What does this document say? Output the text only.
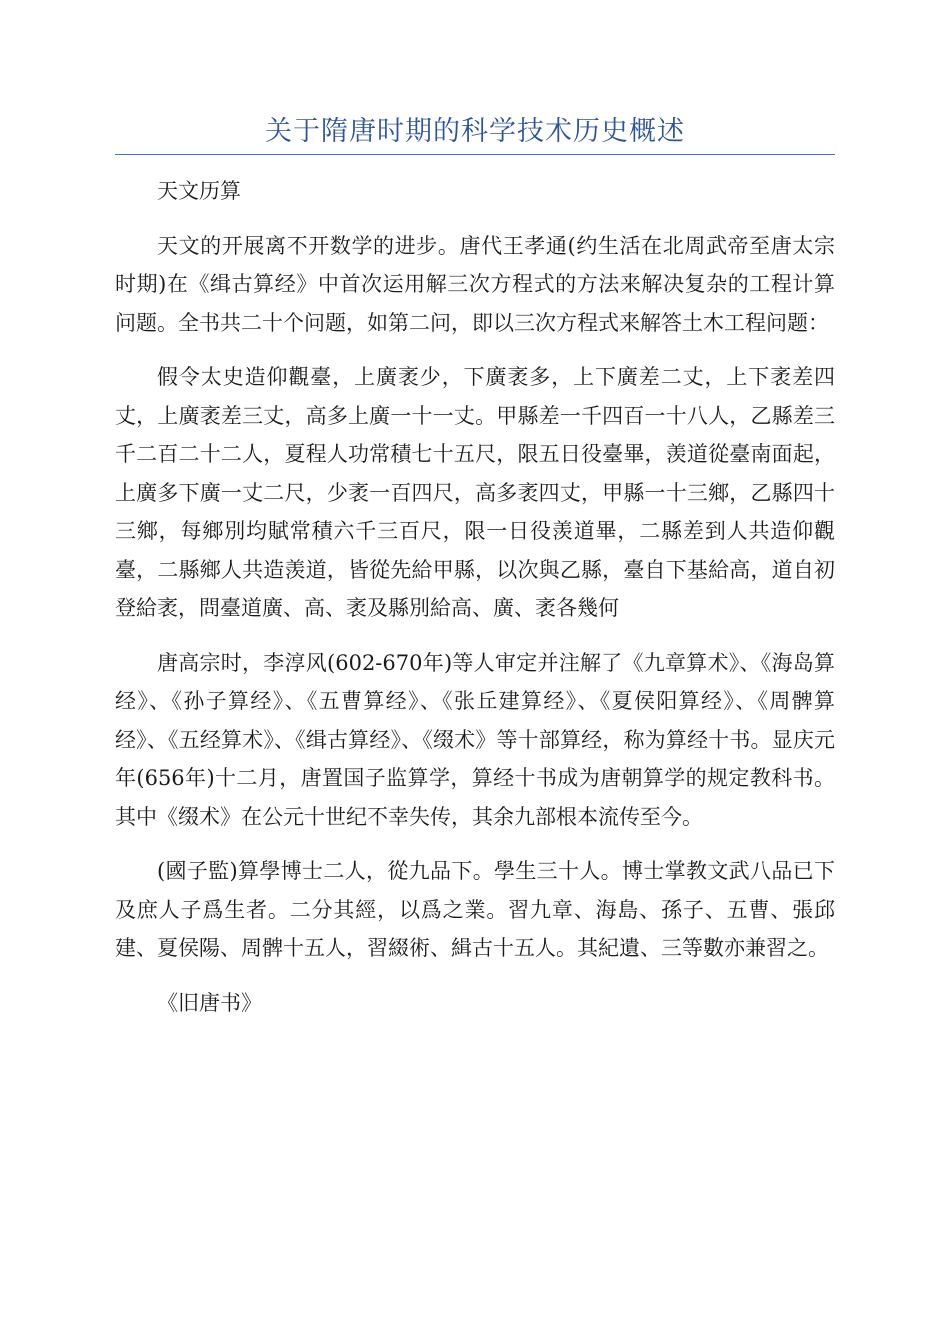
关于隋唐时期的科学技术历史概述

天文历算

天文的开展离不开数学的进步。唐代王孝通(约生活在北周武帝至唐太宗时期)在《缉古算经》中首次运用解三次方程式的方法来解决复杂的工程计算问题。全书共二十个问题，如第二问，即以三次方程式来解答土木工程问题：

假令太史造仰觀臺，上廣袤少，下廣袤多，上下廣差二丈，上下袤差四丈，上廣袤差三丈，高多上廣一十一丈。甲縣差一千四百一十八人，乙縣差三千二百二十二人，夏程人功常積七十五尺，限五日役臺畢，羡道從臺南面起，上廣多下廣一丈二尺，少袤一百四尺，高多袤四丈，甲縣一十三鄉，乙縣四十三鄉，每鄉別均賦常積六千三百尺，限一日役羡道畢，二縣差到人共造仰觀臺，二縣鄉人共造羡道，皆從先給甲縣，以次與乙縣，臺自下基給高，道自初登給袤，問臺道廣、高、袤及縣別給高、廣、袤各幾何

唐高宗时，李淳风(602-670年)等人审定并注解了《九章算术》、《海岛算经》、《孙子算经》、《五曹算经》、《张丘建算经》、《夏侯阳算经》、《周髀算经》、《五经算术》、《缉古算经》、《缀术》等十部算经，称为算经十书。显庆元年(656年)十二月，唐置国子监算学，算经十书成为唐朝算学的规定教科书。其中《缀术》在公元十世纪不幸失传，其余九部根本流传至今。

(國子監)算學博士二人，從九品下。學生三十人。博士掌教文武八品已下及庶人子爲生者。二分其經，以爲之業。習九章、海島、孫子、五曹、張邱建、夏侯陽、周髀十五人，習綴術、緝古十五人。其紀遺、三等數亦兼習之。

《旧唐书》
